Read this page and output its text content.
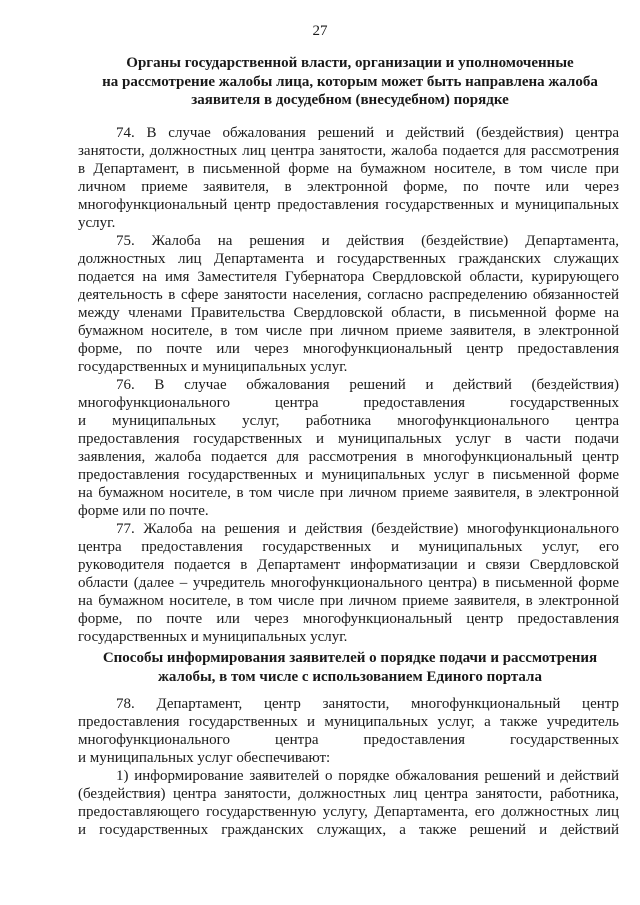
27

Органы государственной власти, организации и уполномоченные

на рассмотрение жалобы лица, которым может быть направлена жалоба

заявителя в досудебном (внесудебном) порядке

74. В случае обжалования решений и действий (бездействия) центра
занятости, должностных лиц центра занятости, жалоба подается для рассмотрения
в Департамент, в письменной форме на бумажном носителе, в том числе при
личном приеме заявителя, в электронной форме, по почте или через
многофункциональный центр предоставления государственных и муниципальных
услуг.
75. Жалоба на решения и действия (бездействие) Департамента,
должностных лиц Департамента и государственных гражданских служащих
подается на имя Заместителя Губернатора Свердловской области, курирующего
деятельность в сфере занятости населения, согласно распределению обязанностей
между членами Правительства Свердловской области, в письменной форме на
бумажном носителе, в том числе при личном приеме заявителя, в электронной
форме, по почте или через многофункциональный центр предоставления
государственных и муниципальных услуг.
76. В случае обжалования решений и действий (бездействия)
многофункционального центра предоставления государственных
и муниципальных услуг, работника многофункционального центра
предоставления государственных и муниципальных услуг в части подачи
заявления, жалоба подается для рассмотрения в многофункциональный центр
предоставления государственных и муниципальных услуг в письменной форме
на бумажном носителе, в том числе при личном приеме заявителя, в электронной
форме или по почте.
77. Жалоба на решения и действия (бездействие) многофункционального
центра предоставления государственных и муниципальных услуг, его
руководителя подается в Департамент информатизации и связи Свердловской
области (далее – учредитель многофункционального центра) в письменной форме
на бумажном носителе, в том числе при личном приеме заявителя, в электронной
форме, по почте или через многофункциональный центр предоставления
государственных и муниципальных услуг.

Способы информирования заявителей о порядке подачи и рассмотрения

жалобы, в том числе с использованием Единого портала

78. Департамент, центр занятости, многофункциональный центр
предоставления государственных и муниципальных услуг, а также учредитель
многофункционального центра предоставления государственных
и муниципальных услуг обеспечивают:
1) информирование заявителей о порядке обжалования решений и действий
(бездействия) центра занятости, должностных лиц центра занятости, работника,
предоставляющего государственную услугу, Департамента, его должностных лиц
и государственных гражданских служащих, а также решений и действий
